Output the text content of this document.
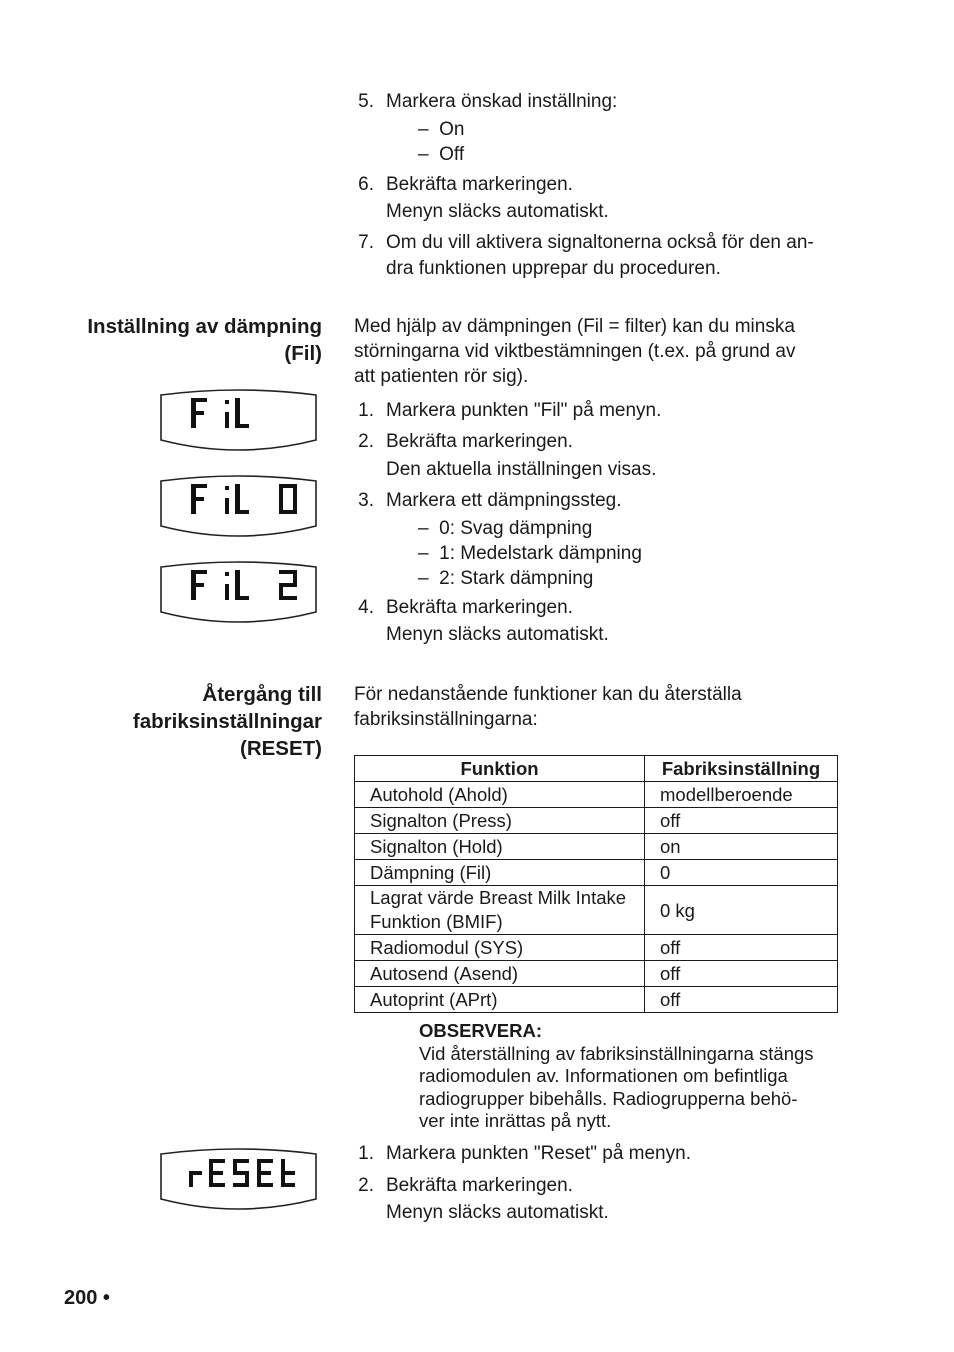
5. Markera önskad inställning:
–  On
–  Off
6. Bekräfta markeringen.
Menyn släcks automatiskt.
7. Om du vill aktivera signaltonerna också för den an-
dra funktionen upprepar du proceduren.
Inställning av dämpning
(Fil)
Med hjälp av dämpningen (Fil = filter) kan du minska
störningarna vid viktbestämningen (t.ex. på grund av
att patienten rör sig).
1. Markera punkten "Fil" på menyn.
2. Bekräfta markeringen.
Den aktuella inställningen visas.
3. Markera ett dämpningssteg.
–  0: Svag dämpning
–  1: Medelstark dämpning
–  2: Stark dämpning
4. Bekräfta markeringen.
Menyn släcks automatiskt.
Återgång till
fabriksinställningar
(RESET)
För nedanstående funktioner kan du återställa
fabriksinställningarna:
Funktion	Fabriksinställning
Autohold (Ahold)	modellberoende
Signalton (Press)	off
Signalton (Hold)	on
Dämpning (Fil)	0
Lagrat värde Breast Milk Intake
Funktion (BMIF)	0 kg
Radiomodul (SYS)	off
Autosend (Asend)	off
Autoprint (APrt)	off
OBSERVERA:
Vid återställning av fabriksinställningarna stängs
radiomodulen av. Informationen om befintliga
radiogrupper bibehålls. Radiogrupperna behö-
ver inte inrättas på nytt.
1. Markera punkten "Reset" på menyn.
2. Bekräfta markeringen.
Menyn släcks automatiskt.
200 •
